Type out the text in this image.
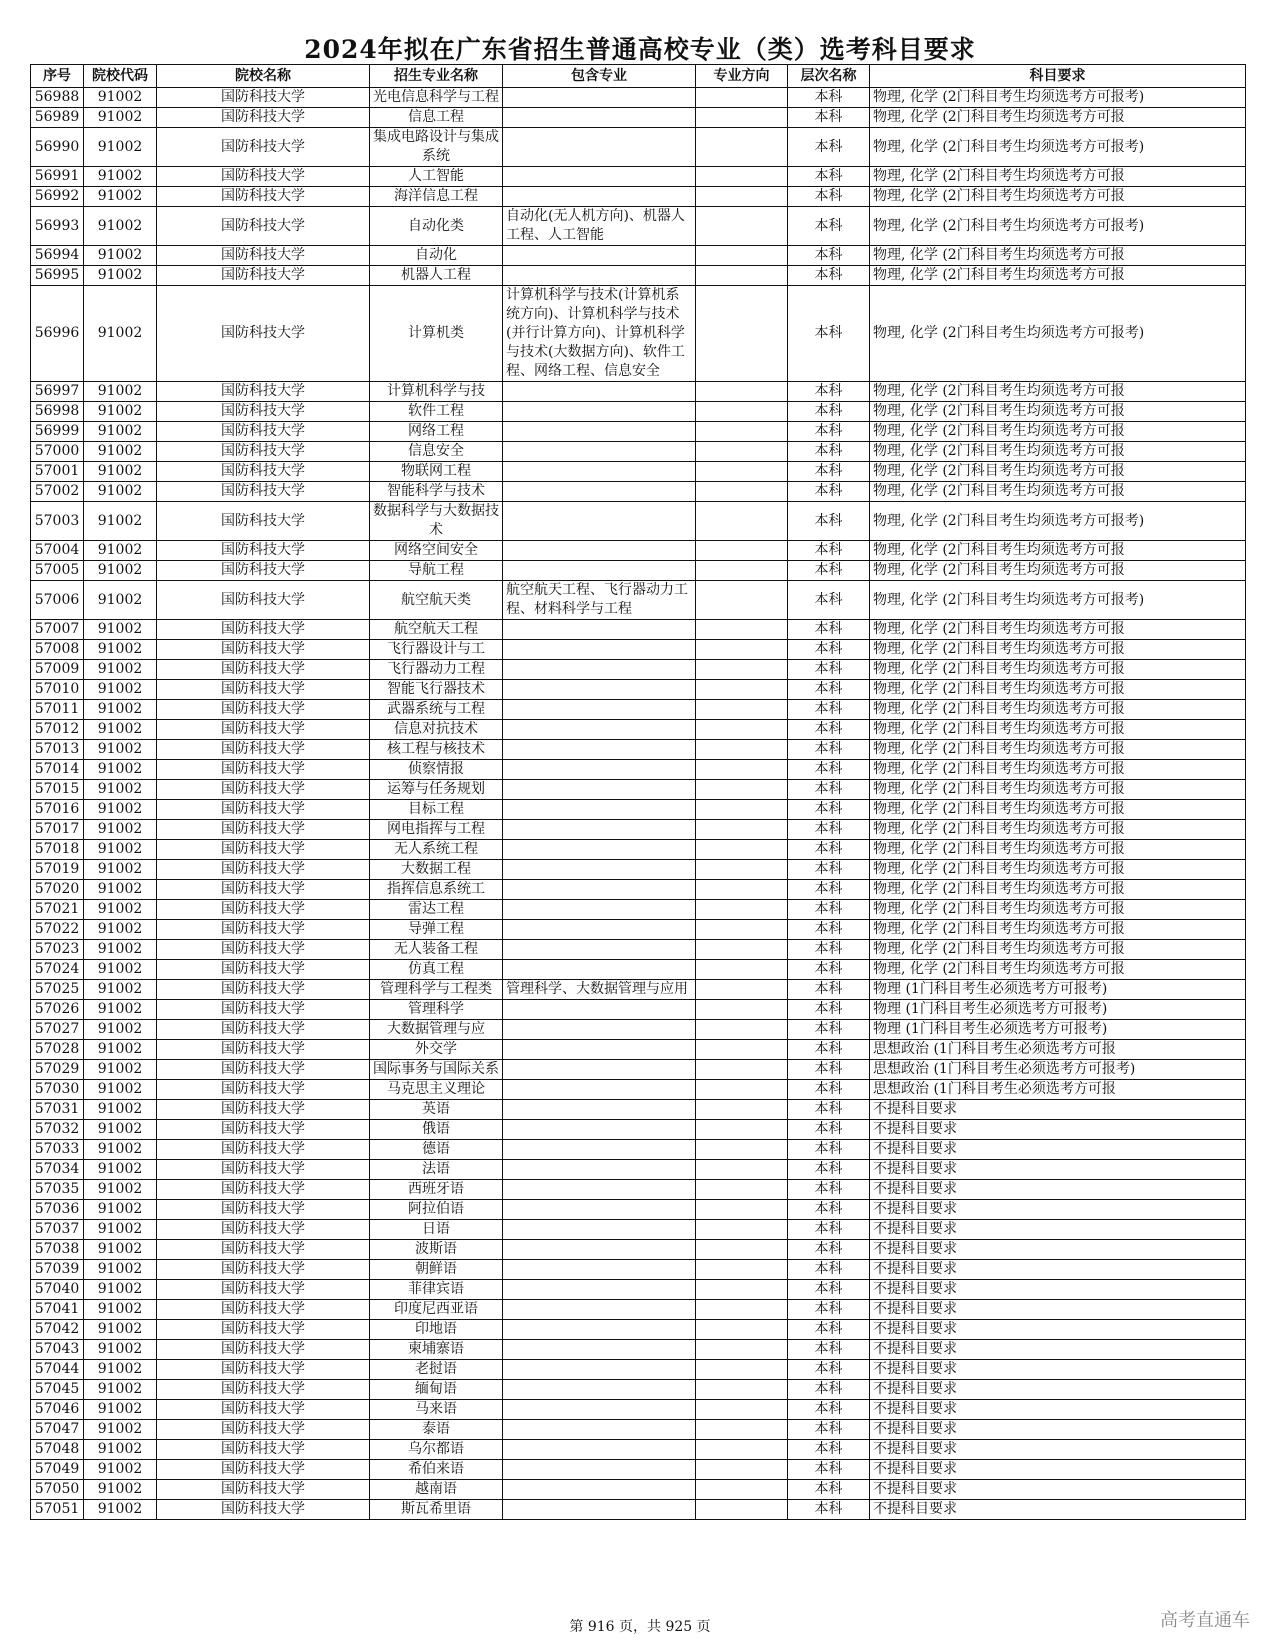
2024年拟在广东省招生普通高校专业（类）选考科目要求
序号	院校代码	院校名称	招生专业名称	包含专业	专业方向	层次名称	科目要求
56988	91002	国防科技大学	光电信息科学与工程			本科	物理, 化学 (2门科目考生均须选考方可报考)
56989	91002	国防科技大学	信息工程			本科	物理, 化学 (2门科目考生均须选考方可报
56990	91002	国防科技大学	集成电路设计与集成系统			本科	物理, 化学 (2门科目考生均须选考方可报考)
56991	91002	国防科技大学	人工智能			本科	物理, 化学 (2门科目考生均须选考方可报
56992	91002	国防科技大学	海洋信息工程			本科	物理, 化学 (2门科目考生均须选考方可报
56993	91002	国防科技大学	自动化类	自动化(无人机方向)、机器人工程、人工智能		本科	物理, 化学 (2门科目考生均须选考方可报考)
56994	91002	国防科技大学	自动化			本科	物理, 化学 (2门科目考生均须选考方可报
56995	91002	国防科技大学	机器人工程			本科	物理, 化学 (2门科目考生均须选考方可报
56996	91002	国防科技大学	计算机类	计算机科学与技术(计算机系统方向)、计算机科学与技术(并行计算方向)、计算机科学与技术(大数据方向)、软件工程、网络工程、信息安全		本科	物理, 化学 (2门科目考生均须选考方可报考)
56997	91002	国防科技大学	计算机科学与技			本科	物理, 化学 (2门科目考生均须选考方可报
56998	91002	国防科技大学	软件工程			本科	物理, 化学 (2门科目考生均须选考方可报
56999	91002	国防科技大学	网络工程			本科	物理, 化学 (2门科目考生均须选考方可报
57000	91002	国防科技大学	信息安全			本科	物理, 化学 (2门科目考生均须选考方可报
57001	91002	国防科技大学	物联网工程			本科	物理, 化学 (2门科目考生均须选考方可报
57002	91002	国防科技大学	智能科学与技术			本科	物理, 化学 (2门科目考生均须选考方可报
57003	91002	国防科技大学	数据科学与大数据技术			本科	物理, 化学 (2门科目考生均须选考方可报考)
57004	91002	国防科技大学	网络空间安全			本科	物理, 化学 (2门科目考生均须选考方可报
57005	91002	国防科技大学	导航工程			本科	物理, 化学 (2门科目考生均须选考方可报
57006	91002	国防科技大学	航空航天类	航空航天工程、飞行器动力工程、材料科学与工程		本科	物理, 化学 (2门科目考生均须选考方可报考)
57007	91002	国防科技大学	航空航天工程			本科	物理, 化学 (2门科目考生均须选考方可报
57008	91002	国防科技大学	飞行器设计与工			本科	物理, 化学 (2门科目考生均须选考方可报
57009	91002	国防科技大学	飞行器动力工程			本科	物理, 化学 (2门科目考生均须选考方可报
57010	91002	国防科技大学	智能飞行器技术			本科	物理, 化学 (2门科目考生均须选考方可报
57011	91002	国防科技大学	武器系统与工程			本科	物理, 化学 (2门科目考生均须选考方可报
57012	91002	国防科技大学	信息对抗技术			本科	物理, 化学 (2门科目考生均须选考方可报
57013	91002	国防科技大学	核工程与核技术			本科	物理, 化学 (2门科目考生均须选考方可报
57014	91002	国防科技大学	侦察情报			本科	物理, 化学 (2门科目考生均须选考方可报
57015	91002	国防科技大学	运筹与任务规划			本科	物理, 化学 (2门科目考生均须选考方可报
57016	91002	国防科技大学	目标工程			本科	物理, 化学 (2门科目考生均须选考方可报
57017	91002	国防科技大学	网电指挥与工程			本科	物理, 化学 (2门科目考生均须选考方可报
57018	91002	国防科技大学	无人系统工程			本科	物理, 化学 (2门科目考生均须选考方可报
57019	91002	国防科技大学	大数据工程			本科	物理, 化学 (2门科目考生均须选考方可报
57020	91002	国防科技大学	指挥信息系统工			本科	物理, 化学 (2门科目考生均须选考方可报
57021	91002	国防科技大学	雷达工程			本科	物理, 化学 (2门科目考生均须选考方可报
57022	91002	国防科技大学	导弹工程			本科	物理, 化学 (2门科目考生均须选考方可报
57023	91002	国防科技大学	无人装备工程			本科	物理, 化学 (2门科目考生均须选考方可报
57024	91002	国防科技大学	仿真工程			本科	物理, 化学 (2门科目考生均须选考方可报
57025	91002	国防科技大学	管理科学与工程类	管理科学、大数据管理与应用		本科	物理 (1门科目考生必须选考方可报考)
57026	91002	国防科技大学	管理科学			本科	物理 (1门科目考生必须选考方可报考)
57027	91002	国防科技大学	大数据管理与应			本科	物理 (1门科目考生必须选考方可报考)
57028	91002	国防科技大学	外交学			本科	思想政治 (1门科目考生必须选考方可报
57029	91002	国防科技大学	国际事务与国际关系			本科	思想政治 (1门科目考生必须选考方可报考)
57030	91002	国防科技大学	马克思主义理论			本科	思想政治 (1门科目考生必须选考方可报
57031	91002	国防科技大学	英语			本科	不提科目要求
57032	91002	国防科技大学	俄语			本科	不提科目要求
57033	91002	国防科技大学	德语			本科	不提科目要求
57034	91002	国防科技大学	法语			本科	不提科目要求
57035	91002	国防科技大学	西班牙语			本科	不提科目要求
57036	91002	国防科技大学	阿拉伯语			本科	不提科目要求
57037	91002	国防科技大学	日语			本科	不提科目要求
57038	91002	国防科技大学	波斯语			本科	不提科目要求
57039	91002	国防科技大学	朝鲜语			本科	不提科目要求
57040	91002	国防科技大学	菲律宾语			本科	不提科目要求
57041	91002	国防科技大学	印度尼西亚语			本科	不提科目要求
57042	91002	国防科技大学	印地语			本科	不提科目要求
57043	91002	国防科技大学	柬埔寨语			本科	不提科目要求
57044	91002	国防科技大学	老挝语			本科	不提科目要求
57045	91002	国防科技大学	缅甸语			本科	不提科目要求
57046	91002	国防科技大学	马来语			本科	不提科目要求
57047	91002	国防科技大学	泰语			本科	不提科目要求
57048	91002	国防科技大学	乌尔都语			本科	不提科目要求
57049	91002	国防科技大学	希伯来语			本科	不提科目要求
57050	91002	国防科技大学	越南语			本科	不提科目要求
57051	91002	国防科技大学	斯瓦希里语			本科	不提科目要求
第 916 页，共 925 页	高考直通车
